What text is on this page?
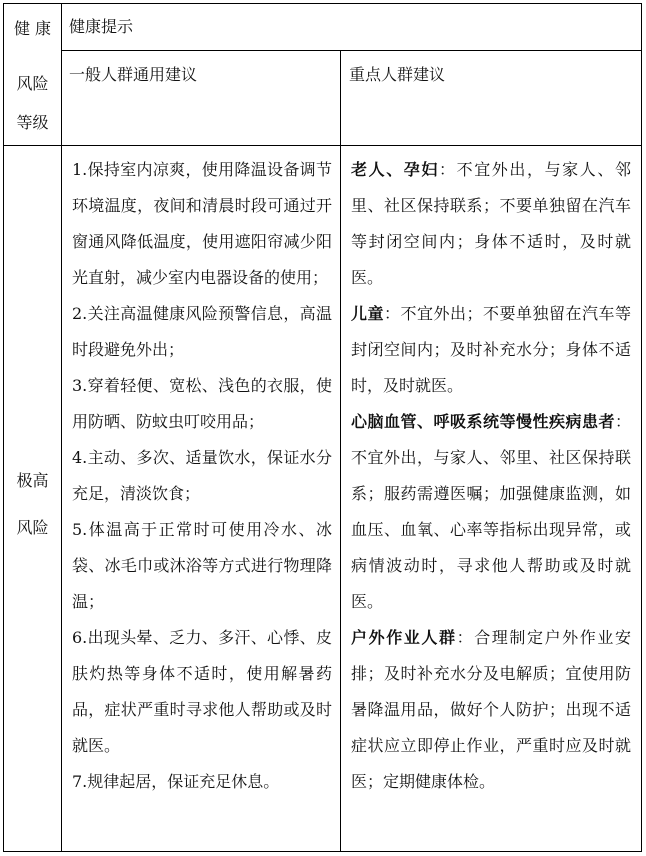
健 康
风险
等级
健康提示
一般人群通用建议	重点人群建议
极高
风险

1.保持室内凉爽，使用降温设备调节环境温度，夜间和清晨时段可通过开窗通风降低温度，使用遮阳帘减少阳光直射，减少室内电器设备的使用；

2.关注高温健康风险预警信息，高温时段避免外出；

3.穿着轻便、宽松、浅色的衣服，使用防晒、防蚊虫叮咬用品；

4.主动、多次、适量饮水，保证水分充足，清淡饮食；

5.体温高于正常时可使用冷水、冰袋、冰毛巾或沐浴等方式进行物理降温；

6.出现头晕、乏力、多汗、心悸、皮肤灼热等身体不适时，使用解暑药品，症状严重时寻求他人帮助或及时就医。

7.规律起居，保证充足休息。

老人、孕妇：不宜外出，与家人、邻里、社区保持联系；不要单独留在汽车等封闭空间内；身体不适时，及时就医。

儿童：不宜外出；不要单独留在汽车等封闭空间内；及时补充水分；身体不适时，及时就医。

心脑血管、呼吸系统等慢性疾病患者：不宜外出，与家人、邻里、社区保持联系；服药需遵医嘱；加强健康监测，如血压、血氧、心率等指标出现异常，或病情波动时，寻求他人帮助或及时就医。

户外作业人群：合理制定户外作业安排；及时补充水分及电解质；宜使用防暑降温用品，做好个人防护；出现不适症状应立即停止作业，严重时应及时就医；定期健康体检。
